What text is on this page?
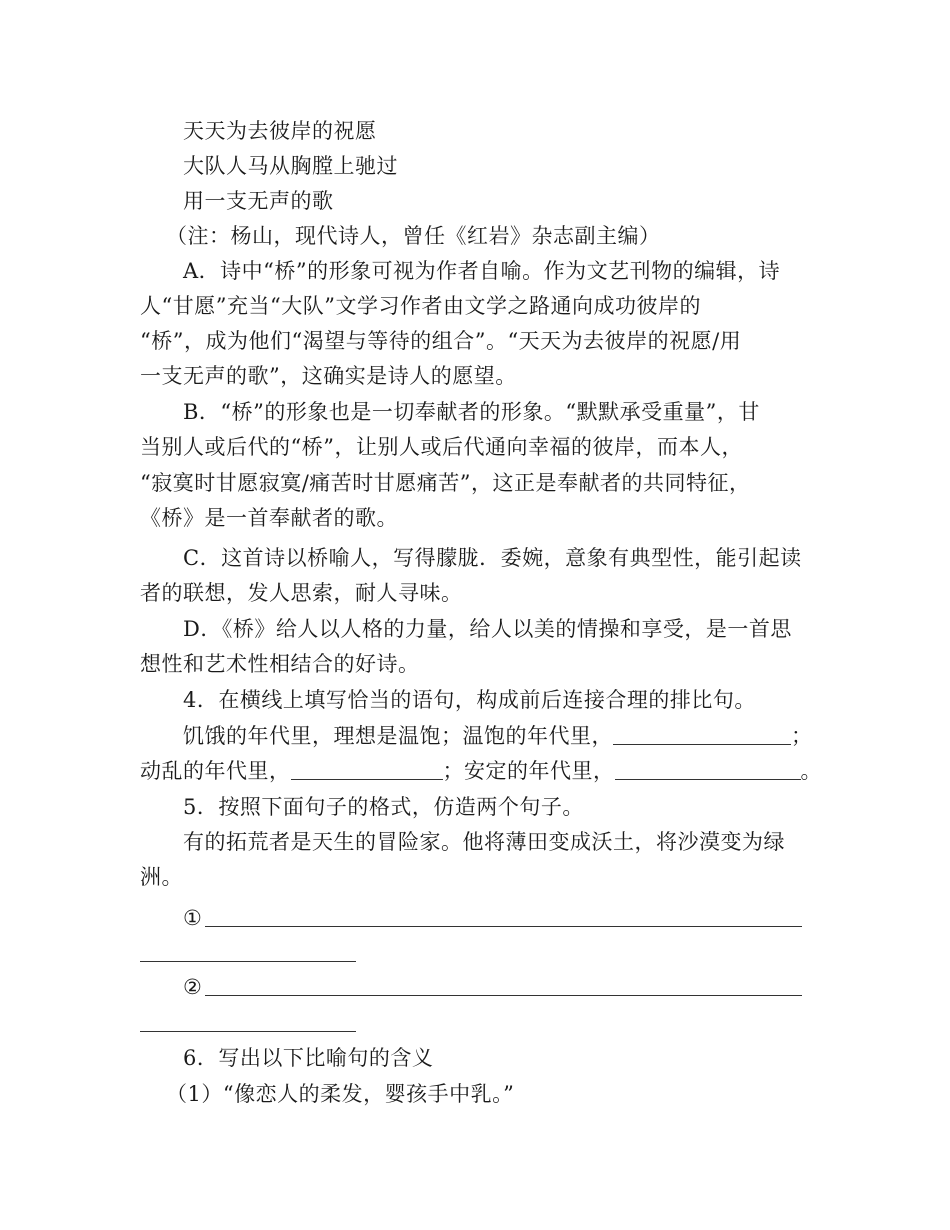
天天为去彼岸的祝愿
大队人马从胸膛上驰过
用一支无声的歌
（注：杨山，现代诗人，曾任《红岩》杂志副主编）
A．诗中“桥”的形象可视为作者自喻。作为文艺刊物的编辑，诗
人“甘愿”充当“大队”文学习作者由文学之路通向成功彼岸的
“桥”，成为他们“渴望与等待的组合”。“天天为去彼岸的祝愿/用
一支无声的歌”，这确实是诗人的愿望。
B．“桥”的形象也是一切奉献者的形象。“默默承受重量”，甘
当别人或后代的“桥”，让别人或后代通向幸福的彼岸，而本人，
“寂寞时甘愿寂寞/痛苦时甘愿痛苦”，这正是奉献者的共同特征，
《桥》是一首奉献者的歌。
C．这首诗以桥喻人，写得朦胧．委婉，意象有典型性，能引起读
者的联想，发人思索，耐人寻味。
D．《桥》给人以人格的力量，给人以美的情操和享受，是一首思
想性和艺术性相结合的好诗。
4．在横线上填写恰当的语句，构成前后连接合理的排比句。
饥饿的年代里，理想是温饱；温饱的年代里，	；
动乱的年代里，	；安定的年代里，	。
5．按照下面句子的格式，仿造两个句子。
有的拓荒者是天生的冒险家。他将薄田变成沃土，将沙漠变为绿
洲。
①
②
6．写出以下比喻句的含义
（1）“像恋人的柔发，婴孩手中乳。”
